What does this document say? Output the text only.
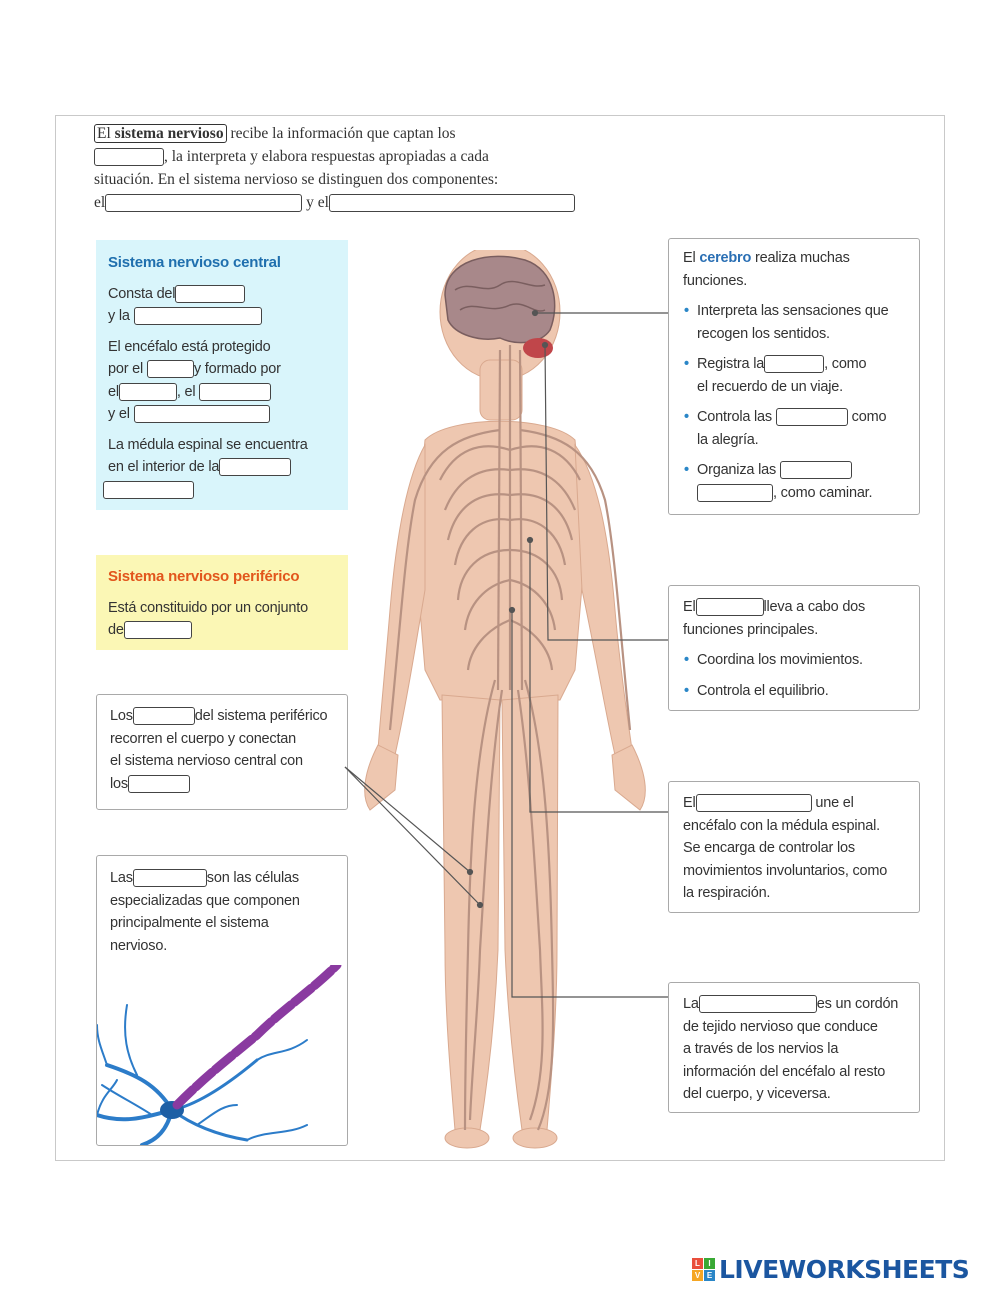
El sistema nervioso recibe la información que captan los
, la interpreta y elabora respuestas apropiadas a cada
situación. En el sistema nervioso se distinguen dos componentes:
el	y el
Sistema nervioso central

Consta del

y la

El encéfalo está protegido

por el	y formado por

el	, el

y el

La médula espinal se encuentra

en el interior de la

Sistema nervioso periférico

Está constituido por un conjunto

de

Los	del sistema periférico

recorren el cuerpo y conectan

el sistema nervioso central con

los

Las	son las células

especializadas que componen

principalmente el sistema

nervioso.

El cerebro realiza muchas

funciones.

• Interpreta las sensaciones que

recogen los sentidos.

• Registra la	, como

el recuerdo de un viaje.

• Controla las	como

la alegría.

• Organiza las

, como caminar.

El	lleva a cabo dos

funciones principales.

• Coordina los movimientos.

• Controla el equilibrio.

El	une el

encéfalo con la médula espinal.

Se encarga de controlar los

movimientos involuntarios, como

la respiración.

La	es un cordón

de tejido nervioso que conduce

a través de los nervios la

información del encéfalo al resto

del cuerpo, y viceversa.

L	I
V E LIVEWORKSHEETS
